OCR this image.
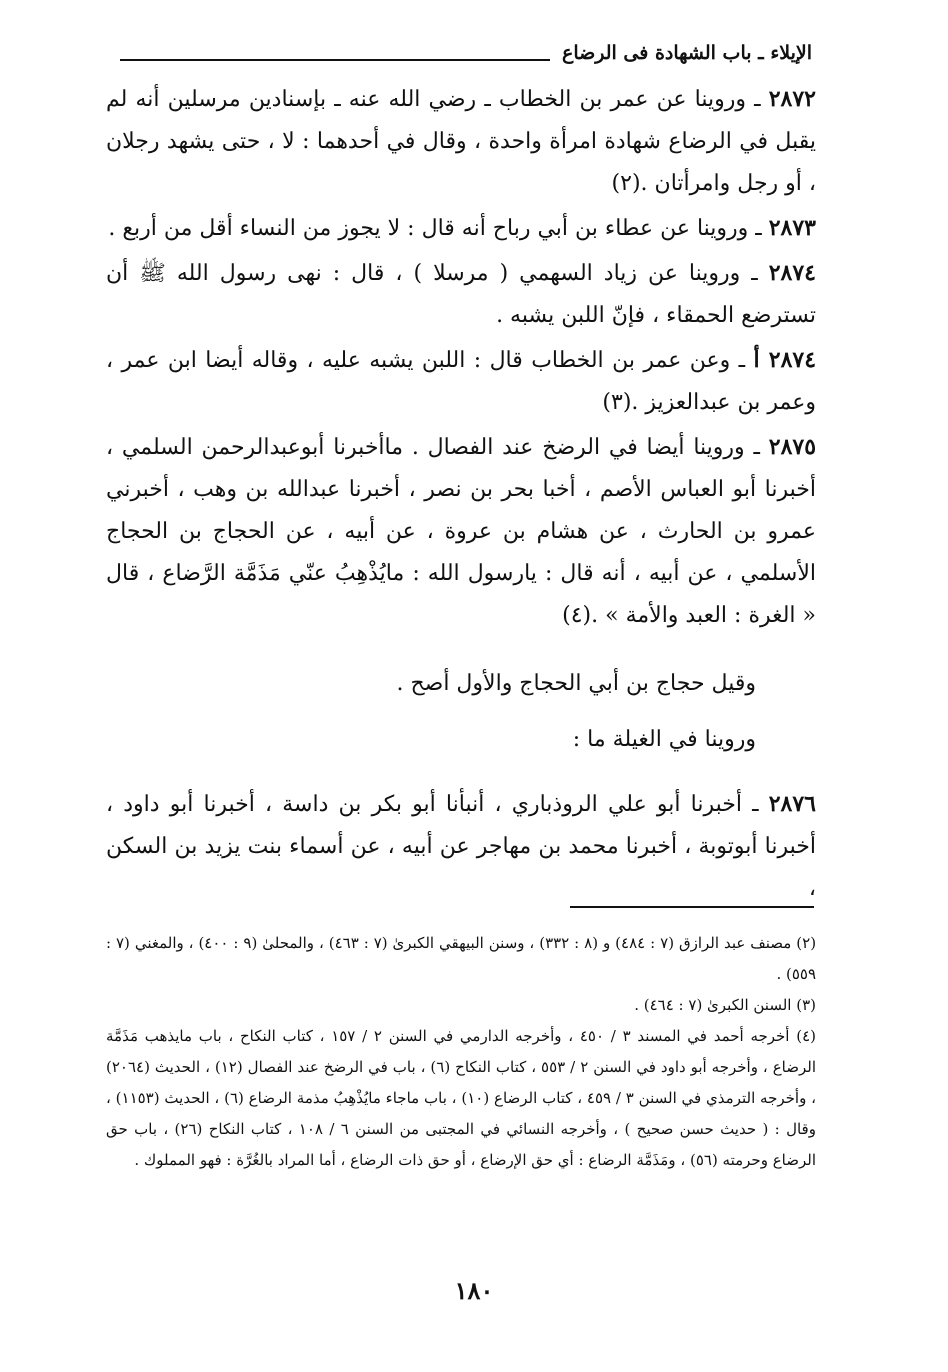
الإيلاء ـ باب الشهادة فى الرضاع

٢٨٧٢ ـ وروينا عن عمر بن الخطاب ـ رضي الله عنه ـ بإسنادين مرسلين أنه لم يقبل في الرضاع شهادة امرأة واحدة ، وقال في أحدهما : لا ، حتى يشهد رجلان ، أو رجل وامرأتان .(٢)

٢٨٧٣ ـ وروينا عن عطاء بن أبي رباح أنه قال : لا يجوز من النساء أقل من أربع .

٢٨٧٤ ـ وروينا عن زياد السهمي ( مرسلا ) ، قال : نهى رسول الله ﷺ أن تسترضع الحمقاء ، فإنّ اللبن يشبه .

٢٨٧٤ أ ـ وعن عمر بن الخطاب قال : اللبن يشبه عليه ، وقاله أيضا ابن عمر ، وعمر بن عبدالعزيز .(٣)

٢٨٧٥ ـ وروينا أيضا في الرضخ عند الفصال . ماأخبرنا أبوعبدالرحمن السلمي ، أخبرنا أبو العباس الأصم ، أخبا بحر بن نصر ، أخبرنا عبدالله بن وهب ، أخبرني عمرو بن الحارث ، عن هشام بن عروة ، عن أبيه ، عن الحجاج بن الحجاج الأسلمي ، عن أبيه ، أنه قال : يارسول الله : مايُذْهِبُ عنّي مَذَمَّة الرَّضاع ، قال « الغرة : العبد والأمة » .(٤)

وقيل حجاج بن أبي الحجاج والأول أصح .

وروينا في الغيلة ما :

٢٨٧٦ ـ أخبرنا أبو علي الروذباري ، أنبأنا أبو بكر بن داسة ، أخبرنا أبو داود ، أخبرنا أبوتوبة ، أخبرنا محمد بن مهاجر عن أبيه ، عن أسماء بنت يزيد بن السكن ،

(٢) مصنف عبد الرازق (٧ : ٤٨٤) و (٨ : ٣٣٢) ، وسنن البيهقي الكبرىٰ (٧ : ٤٦٣) ، والمحلىٰ (٩ : ٤٠٠) ، والمغني (٧ : ٥٥٩) .

(٣) السنن الكبرىٰ (٧ : ٤٦٤) .

(٤) أخرجه أحمد في المسند ٣ / ٤٥٠ ، وأخرجه الدارمي في السنن ٢ / ١٥٧ ، كتاب النكاح ، باب مايذهب مَذَمَّة الرضاع ، وأخرجه أبو داود في السنن ٢ / ٥٥٣ ، كتاب النكاح (٦) ، باب في الرضخ عند الفصال (١٢) ، الحديث (٢٠٦٤) ، وأخرجه الترمذي في السنن ٣ / ٤٥٩ ، كتاب الرضاع (١٠) ، باب ماجاء مايُذْهِبُ مذمة الرضاع (٦) ، الحديث (١١٥٣) ، وقال : ( حديث حسن صحيح ) ، وأخرجه النسائي في المجتبى من السنن ٦ / ١٠٨ ، كتاب النكاح (٢٦) ، باب حق الرضاع وحرمته (٥٦) ، ومَذَمَّة الرضاع : أي حق الإرضاع ، أو حق ذات الرضاع ، أما المراد بالغُرَّة : فهو المملوك .

١٨٠
